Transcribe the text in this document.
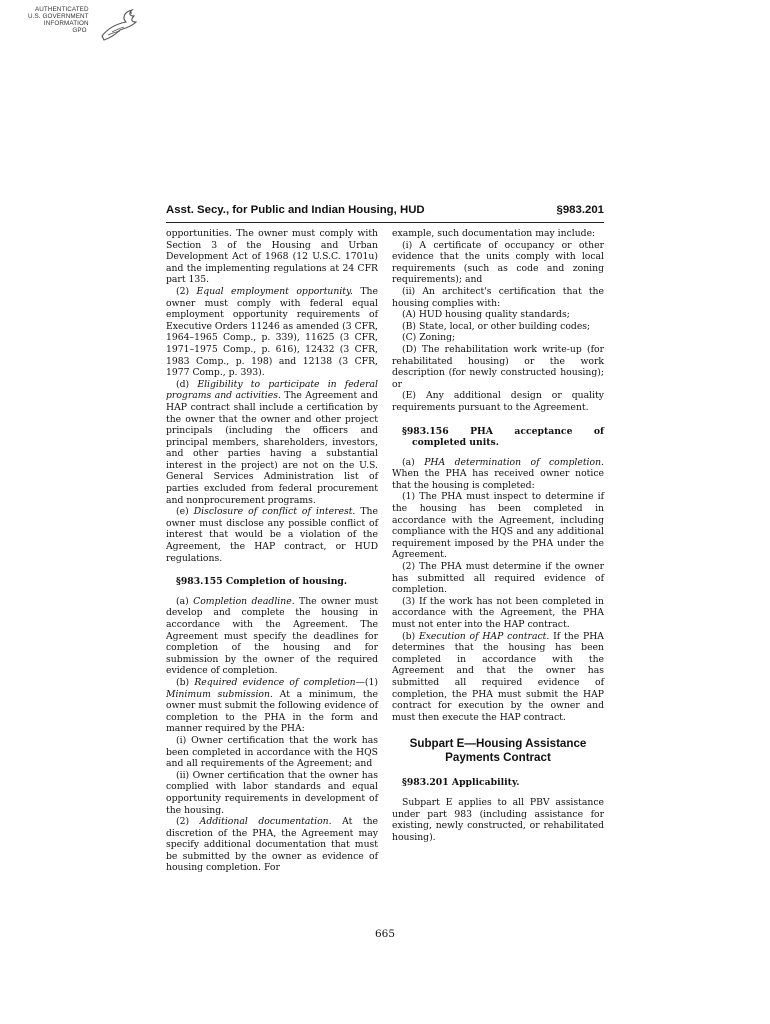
AUTHENTICATED
U.S. GOVERNMENT
INFORMATION

GPO
Asst. Secy., for Public and Indian Housing, HUD	§983.201

opportunities. The owner must comply with Section 3 of the Housing and Urban Development Act of 1968 (12 U.S.C. 1701u) and the implementing regulations at 24 CFR part 135.

(2) Equal employment opportunity. The owner must comply with federal equal employment opportunity requirements of Executive Orders 11246 as amended (3 CFR, 1964–1965 Comp., p. 339), 11625 (3 CFR, 1971–1975 Comp., p. 616), 12432 (3 CFR, 1983 Comp., p. 198) and 12138 (3 CFR, 1977 Comp., p. 393).

(d) Eligibility to participate in federal programs and activities. The Agreement and HAP contract shall include a certification by the owner that the owner and other project principals (including the officers and principal members, shareholders, investors, and other parties having a substantial interest in the project) are not on the U.S. General Services Administration list of parties excluded from federal procurement and nonprocurement programs.

(e) Disclosure of conflict of interest. The owner must disclose any possible conflict of interest that would be a violation of the Agreement, the HAP contract, or HUD regulations.

§983.155 Completion of housing.

(a) Completion deadline. The owner must develop and complete the housing in accordance with the Agreement. The Agreement must specify the deadlines for completion of the housing and for submission by the owner of the required evidence of completion.

(b) Required evidence of completion—(1) Minimum submission. At a minimum, the owner must submit the following evidence of completion to the PHA in the form and manner required by the PHA:

(i) Owner certification that the work has been completed in accordance with the HQS and all requirements of the Agreement; and

(ii) Owner certification that the owner has complied with labor standards and equal opportunity requirements in development of the housing.

(2) Additional documentation. At the discretion of the PHA, the Agreement may specify additional documentation that must be submitted by the owner as evidence of housing completion. For

example, such documentation may include:

(i) A certificate of occupancy or other evidence that the units comply with local requirements (such as code and zoning requirements); and

(ii) An architect's certification that the housing complies with:

(A) HUD housing quality standards;

(B) State, local, or other building codes;

(C) Zoning;

(D) The rehabilitation work write-up (for rehabilitated housing) or the work description (for newly constructed housing); or

(E) Any additional design or quality requirements pursuant to the Agreement.

§983.156 PHA acceptance of completed units.

(a) PHA determination of completion. When the PHA has received owner notice that the housing is completed:

(1) The PHA must inspect to determine if the housing has been completed in accordance with the Agreement, including compliance with the HQS and any additional requirement imposed by the PHA under the Agreement.

(2) The PHA must determine if the owner has submitted all required evidence of completion.

(3) If the work has not been completed in accordance with the Agreement, the PHA must not enter into the HAP contract.

(b) Execution of HAP contract. If the PHA determines that the housing has been completed in accordance with the Agreement and that the owner has submitted all required evidence of completion, the PHA must submit the HAP contract for execution by the owner and must then execute the HAP contract.

Subpart E—Housing Assistance
Payments Contract

§983.201 Applicability.

Subpart E applies to all PBV assistance under part 983 (including assistance for existing, newly constructed, or rehabilitated housing).

665
